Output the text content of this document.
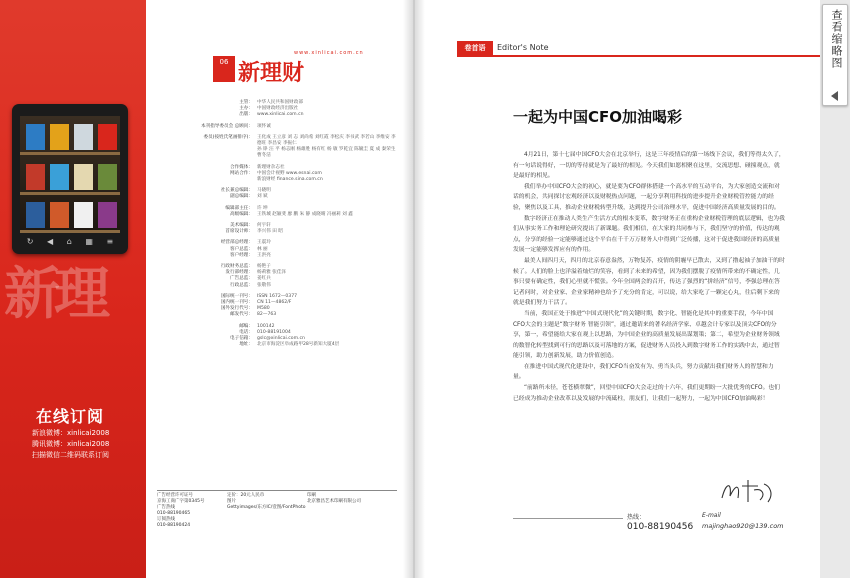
新理
↻ ◀ ⌂ ▦ ≡
在线订阅
新浪微博：xinlicai2008
腾讯微博：xinlicai2008
扫描微信二维码联系订阅
06 新理财
www.xinlicai.com.cn
主管： 中华人民共和国财政部
主办： 中国财政经济出版社
出版： www.xinlicai.com.cn
本刊指导委员会 总顾问： 项怀诚
委员(按姓氏笔画排序)： 王化成 王立彦 刘 志 刘尚希 刘红霞 李松庆 李书武 李若山 李维安 李德旺 李昌安 李振仁
孙 铮 汪 平 杨志刚 杨雄胜 杨有红 杨 敏 罗乾宜 陈毓圭 夏 成 秦荣生 曹冬洁
合作媒体： 新理财杂志社
网站合作： 中国会计视野 www.esnai.com
新浪财经 finance.sina.com.cn
社长兼总编辑： 马晓明
副总编辑： 刘 斌
编辑部主任： 许 坤
高级编辑： 王铁城 赵颖斐 廖 鹏 朱 静 成晓晴 冯丽莉 刘 鑫
美术编辑： 何宇轩
首席设计师： 李兴伟 田 昭
经营部总经理： 王震玲
客户总监： 林 丽
客户经理： 王洪亮
行政财务总监： 杨艳子
发行部经理： 杨莉雅 张佳泽
广告总监： 姜红兵
行政总监： 张敬伟
国际统一刊号： ISSN 1672—0377
国内统一刊号： CN 11—4862/F
国外发行代号： M580
邮发代号： 82—763
邮编： 100142
电话： 010-88191004
电子信箱： gslc@xinlicai.com.cn
地址： 北京市海淀区阜成路甲28号新知大厦4层
广告经营许可证号
京海工商广字第0345号
广告热线
010-88190465
订阅热线
010-88190424
定价：20元人民币
图片
Gettyimages/东方IC/壹图/FontPhoto
印刷
北京雅昌艺术印刷有限公司
卷首语	Editor's Note
一起为中国CFO加油喝彩

4月21日，第十七届中国CFO大会在北京举行，这是三年疫情后的第一场线下会议，我们等得太久了，有一句话说得好，一切的等待就是为了最好的相见。今天我们如愿相聚在这里，交流思想、碰撞观点，就是最好的相见。

我们举办中国CFO大会的初心，就是要为CFO群体搭建一个高水平的互动平台，为大家创造交流和对话的机会，共同探讨宏观经济以及财税热点问题，一起分享利用科技的进步提升企业财税管控能力的经验，聚焦以及工具，推动企业财税转型升级，达到提升公司治理水平，促进中国经济高质量发展的目的。

数字经济正在推动人类生产生活方式的根本变革，数字财务正在重构企业财税管理的底层逻辑，也为我们从事实务工作和理论研究提出了新课题。我们相信，在大家的共同参与下，我们坚守的价值，传达的观点，分享的经验一定能够通过这个平台在千千万万财务人中得到广泛传播，这对于促进我国经济的高质量发展一定能够发挥应有的作用。

最美人间四月天，四月的北京春意盎然，万物复苏，疫情的阴霾早已散去，又到了撸起袖子加油干的时候了。人们的脸上也洋溢着灿烂的笑容，看到了未来的希望，因为我们摆脱了疫情所带来的不确定性，几事只要有确定性，我们心里就不慌张。今年全国两会的召开，传达了强烈的“拼经济”信号，李强总理在答记者问时，对企业家、企业家精神也给予了充分的肯定，可以说，给大家吃了一颗定心丸，往后剩下来的就是我们努力干活了。

当前，我国正处于推进“中国式现代化”的关键时期，数字化、智能化是其中的重要手段，今年中国CFO大会的主题是“数字财务 智能引领”，通过邀请来的著名经济学家、卓越会计专家以及顶尖CFO的分享，第一，希望能给大家在观上以思路，为中国企业的高质量发展出谋划策；第二，希望为企业财务领域的数智化转型找到可行的思路以及可落地的方案，促进财务人员投入到数字财务工作的实践中去，通过智能引领，助力创新发展，助力价值创造。

在推进中国式现代化建设中，我们CFO当奋发有为、勇当头兵，努力贡献出我们财务人的智慧和力量。

“前路所未径，苍苍横翠微”，回望中国CFO大会走过的十六年，我们更期盼一大批优秀的CFO。也们已经成为推动企业改革以及发展的中流砥柱，朋友们，让我们一起努力，一起为中国CFO加油喝彩！

热线：
010-88190456
E-mail
majinghao920@139.com
查看缩略图
